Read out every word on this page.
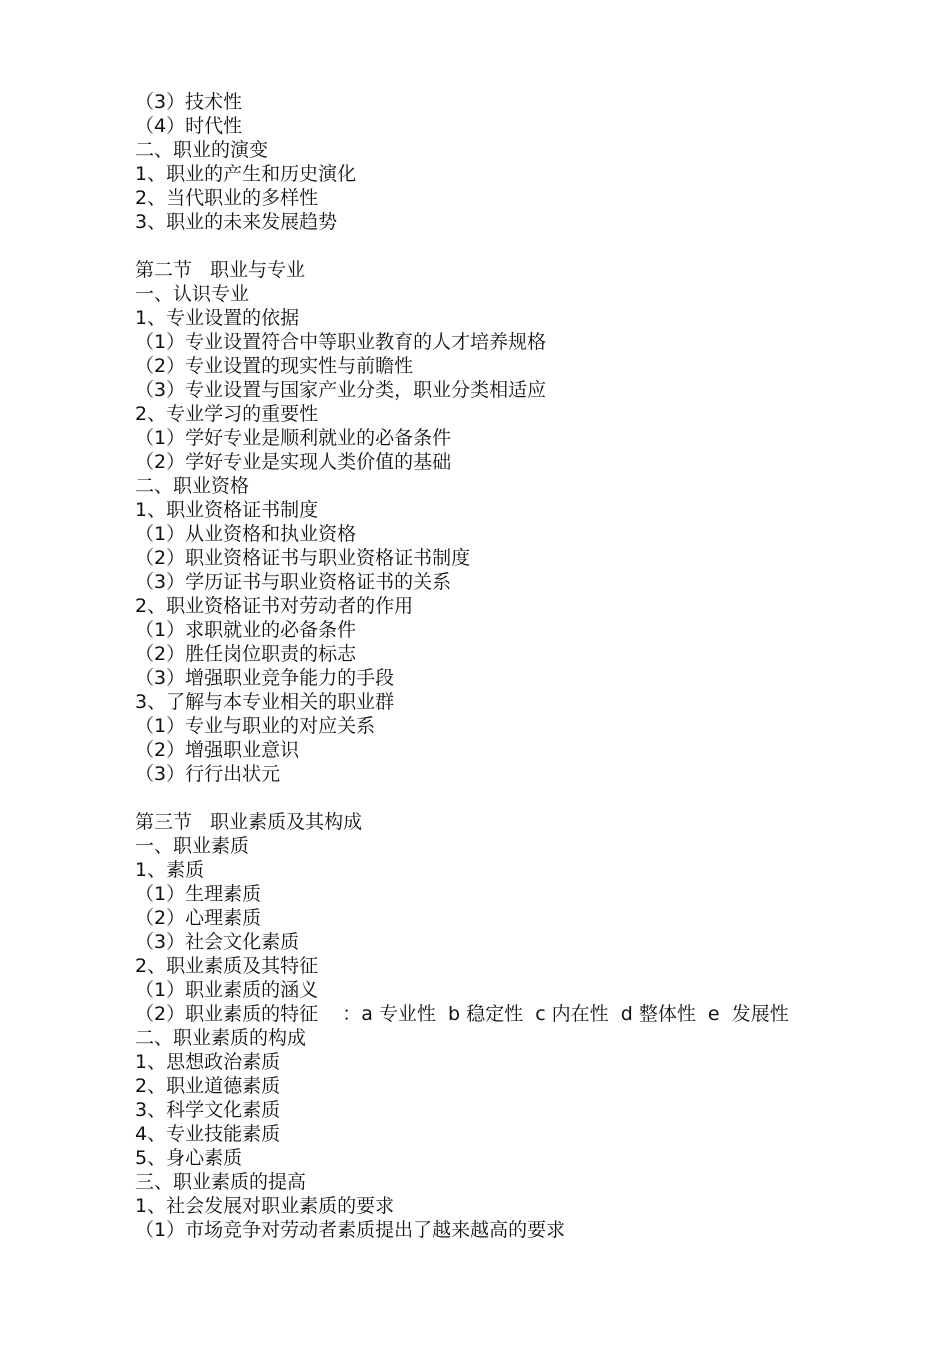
（3）技术性

（4）时代性

二、职业的演变

1、职业的产生和历史演化

2、当代职业的多样性

3、职业的未来发展趋势

第二节   职业与专业

一、认识专业

1、专业设置的依据

（1）专业设置符合中等职业教育的人才培养规格

（2）专业设置的现实性与前瞻性

（3）专业设置与国家产业分类，职业分类相适应

2、专业学习的重要性

（1）学好专业是顺利就业的必备条件

（2）学好专业是实现人类价值的基础

二、职业资格

1、职业资格证书制度

（1）从业资格和执业资格

（2）职业资格证书与职业资格证书制度

（3）学历证书与职业资格证书的关系

2、职业资格证书对劳动者的作用

（1）求职就业的必备条件

（2）胜任岗位职责的标志

（3）增强职业竞争能力的手段

3、了解与本专业相关的职业群

（1）专业与职业的对应关系

（2）增强职业意识

（3）行行出状元

第三节   职业素质及其构成

一、职业素质

1、素质

（1）生理素质

（2）心理素质

（3）社会文化素质

2、职业素质及其特征

（1）职业素质的涵义

（2）职业素质的特征    ：a 专业性  b 稳定性  c 内在性  d 整体性  e  发展性

二、职业素质的构成

1、思想政治素质

2、职业道德素质

3、科学文化素质

4、专业技能素质

5、身心素质

三、职业素质的提高

1、社会发展对职业素质的要求

（1）市场竞争对劳动者素质提出了越来越高的要求
